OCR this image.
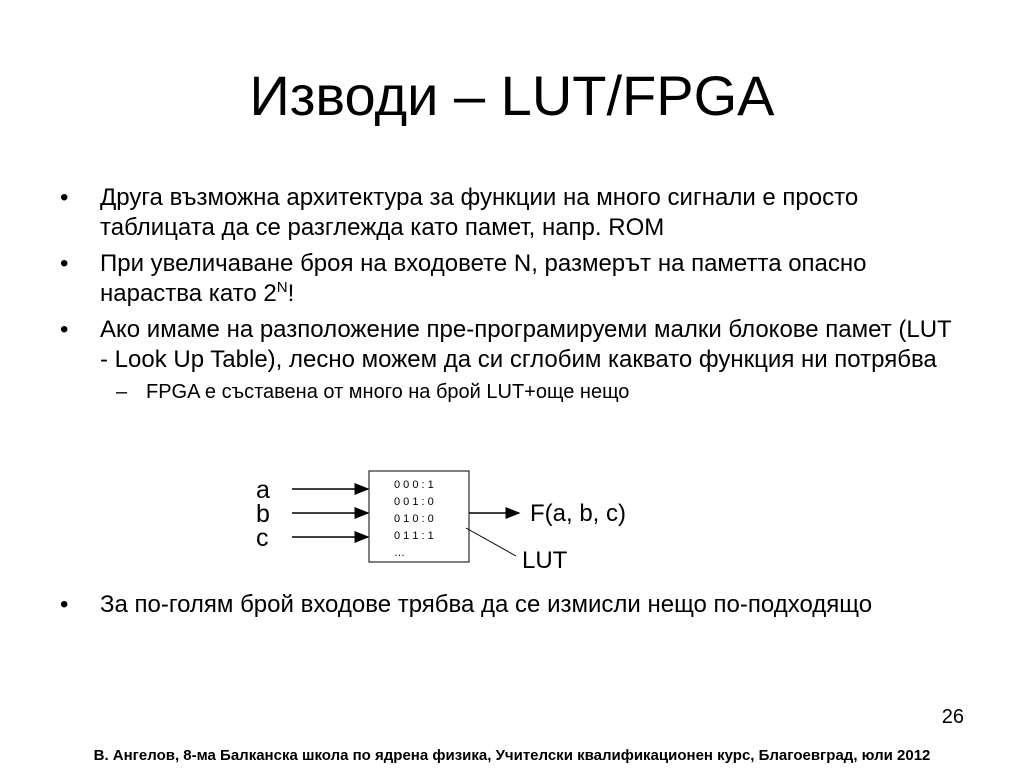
Изводи – LUT/FPGA
• Друга възможна архитектура за функции на много сигнали е просто таблицата да се разглежда като памет, напр. ROM
• При увеличаване броя на входовете N, размерът на паметта опасно нараства като $2^N$!
• Ако имаме на разположение пре-програмируеми малки блокове памет (LUT - Look Up Table), лесно можем да си сглобим каквато функция ни потрябва
– FPGA е съставена от много на брой LUT+още нещо
a
b
c
0 0 0 : 1
0 0 1 : 0
0 1 0 : 0
0 1 1 : 1
…
F(a, b, c)
LUT
• За по-голям брой входове трябва да се измисли нещо по-подходящо
26
В. Ангелов, 8-ма Балканска школа по ядрена физика, Учителски квалификационен курс, Благоевград, юли 2012
